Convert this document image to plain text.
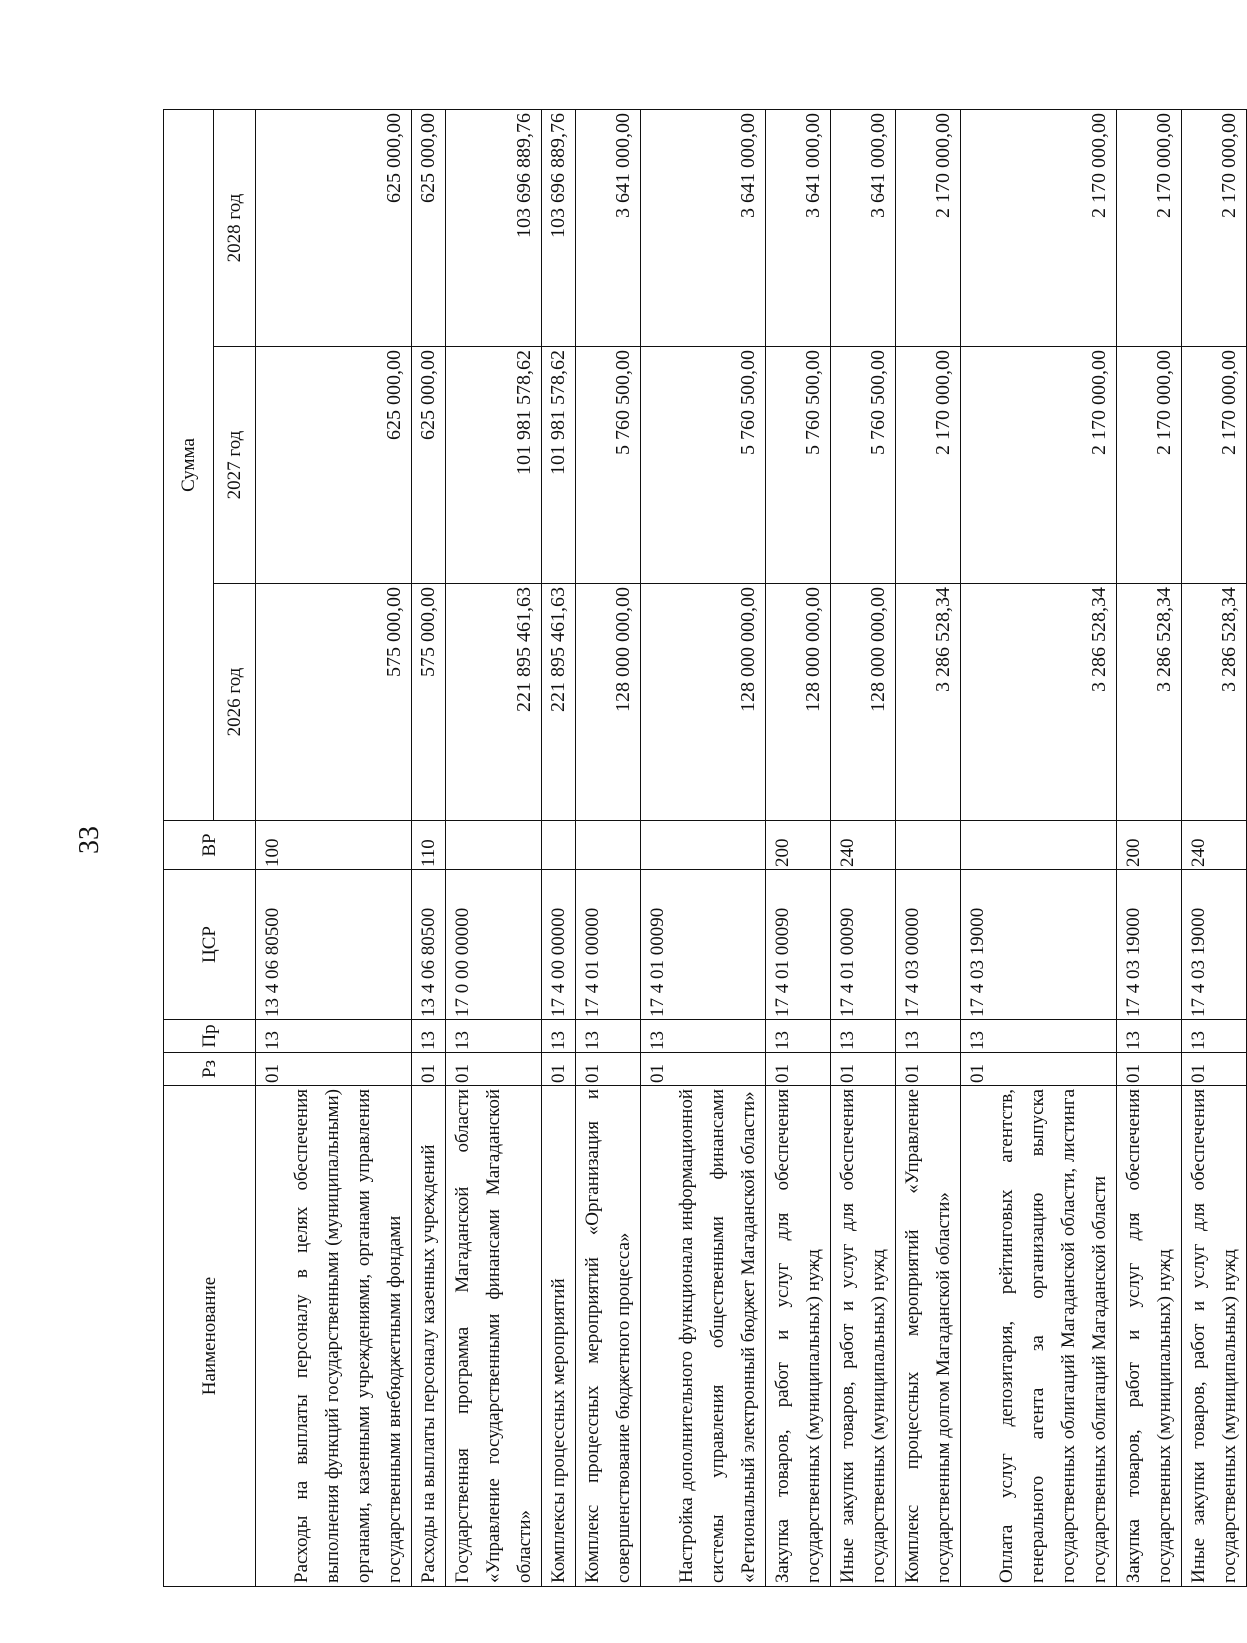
33
Наименование	Рз	Пр	ЦСР	ВР	Сумма		
					2026 год	2027 год	2028 год
Расходы на выплаты персоналу в целях обеспечения выполнения функций государственными (муниципальными) органами, казенными учреждениями, органами управления государственными внебюджетными фондами	01	13	13 4 06 80500	100	575 000,00	625 000,00	625 000,00
Расходы на выплаты персоналу казенных учреждений	01	13	13 4 06 80500	110	575 000,00	625 000,00	625 000,00
Государственная программа Магаданской области «Управление государственными финансами Магаданской области»	01	13	17 0 00 00000		221 895 461,63	101 981 578,62	103 696 889,76
Комплексы процессных мероприятий	01	13	17 4 00 00000		221 895 461,63	101 981 578,62	103 696 889,76
Комплекс процессных мероприятий «Организация и совершенствование бюджетного процесса»	01	13	17 4 01 00000		128 000 000,00	5 760 500,00	3 641 000,00
Настройка дополнительного функционала информационной системы управления общественными финансами «Региональный электронный бюджет Магаданской области»	01	13	17 4 01 00090		128 000 000,00	5 760 500,00	3 641 000,00
Закупка товаров, работ и услуг для обеспечения государственных (муниципальных) нужд	01	13	17 4 01 00090	200	128 000 000,00	5 760 500,00	3 641 000,00
Иные закупки товаров, работ и услуг для обеспечения государственных (муниципальных) нужд	01	13	17 4 01 00090	240	128 000 000,00	5 760 500,00	3 641 000,00
Комплекс процессных мероприятий «Управление государственным долгом Магаданской области»	01	13	17 4 03 00000		3 286 528,34	2 170 000,00	2 170 000,00
Оплата услуг депозитария, рейтинговых агентств, генерального агента за организацию выпуска государственных облигаций Магаданской области, листинга государственных облигаций Магаданской области	01	13	17 4 03 19000		3 286 528,34	2 170 000,00	2 170 000,00
Закупка товаров, работ и услуг для обеспечения государственных (муниципальных) нужд	01	13	17 4 03 19000	200	3 286 528,34	2 170 000,00	2 170 000,00
Иные закупки товаров, работ и услуг для обеспечения государственных (муниципальных) нужд	01	13	17 4 03 19000	240	3 286 528,34	2 170 000,00	2 170 000,00
